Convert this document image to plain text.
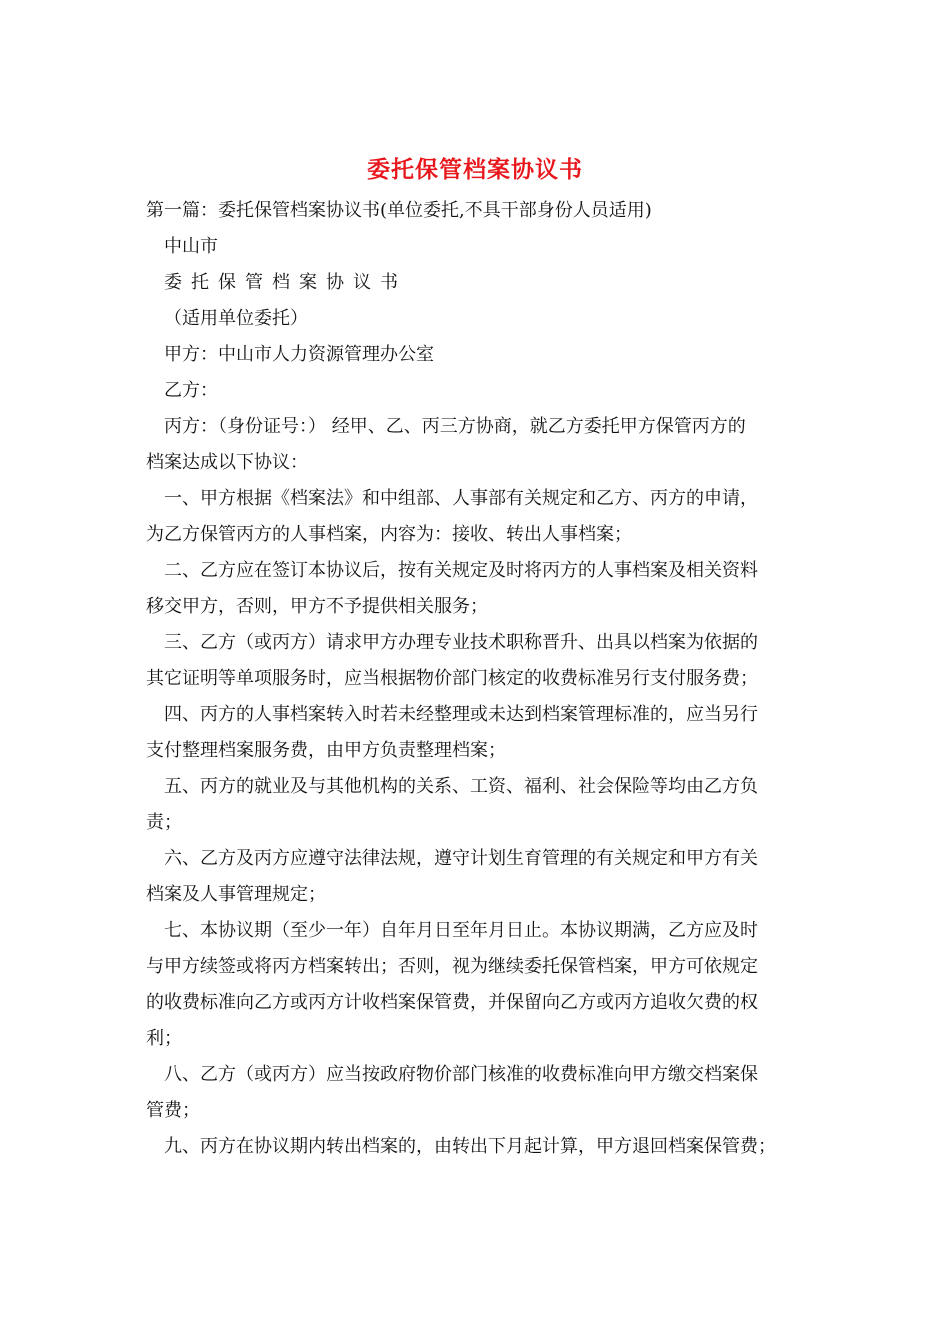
委托保管档案协议书
第一篇：委托保管档案协议书(单位委托,不具干部身份人员适用)
中山市
委托保管档案协议书
（适用单位委托）
甲方：中山市人力资源管理办公室
乙方：
丙方：（身份证号：） 经甲、乙、丙三方协商，就乙方委托甲方保管丙方的
档案达成以下协议：
一、甲方根据《档案法》和中组部、人事部有关规定和乙方、丙方的申请，
为乙方保管丙方的人事档案，内容为：接收、转出人事档案；
二、乙方应在签订本协议后，按有关规定及时将丙方的人事档案及相关资料
移交甲方，否则，甲方不予提供相关服务；
三、乙方（或丙方）请求甲方办理专业技术职称晋升、出具以档案为依据的
其它证明等单项服务时，应当根据物价部门核定的收费标准另行支付服务费；
四、丙方的人事档案转入时若未经整理或未达到档案管理标准的，应当另行
支付整理档案服务费，由甲方负责整理档案；
五、丙方的就业及与其他机构的关系、工资、福利、社会保险等均由乙方负
责；
六、乙方及丙方应遵守法律法规，遵守计划生育管理的有关规定和甲方有关
档案及人事管理规定；
七、本协议期（至少一年）自年月日至年月日止。本协议期满，乙方应及时
与甲方续签或将丙方档案转出；否则，视为继续委托保管档案，甲方可依规定
的收费标准向乙方或丙方计收档案保管费，并保留向乙方或丙方追收欠费的权
利；
八、乙方（或丙方）应当按政府物价部门核准的收费标准向甲方缴交档案保
管费；
九、丙方在协议期内转出档案的，由转出下月起计算，甲方退回档案保管费；
